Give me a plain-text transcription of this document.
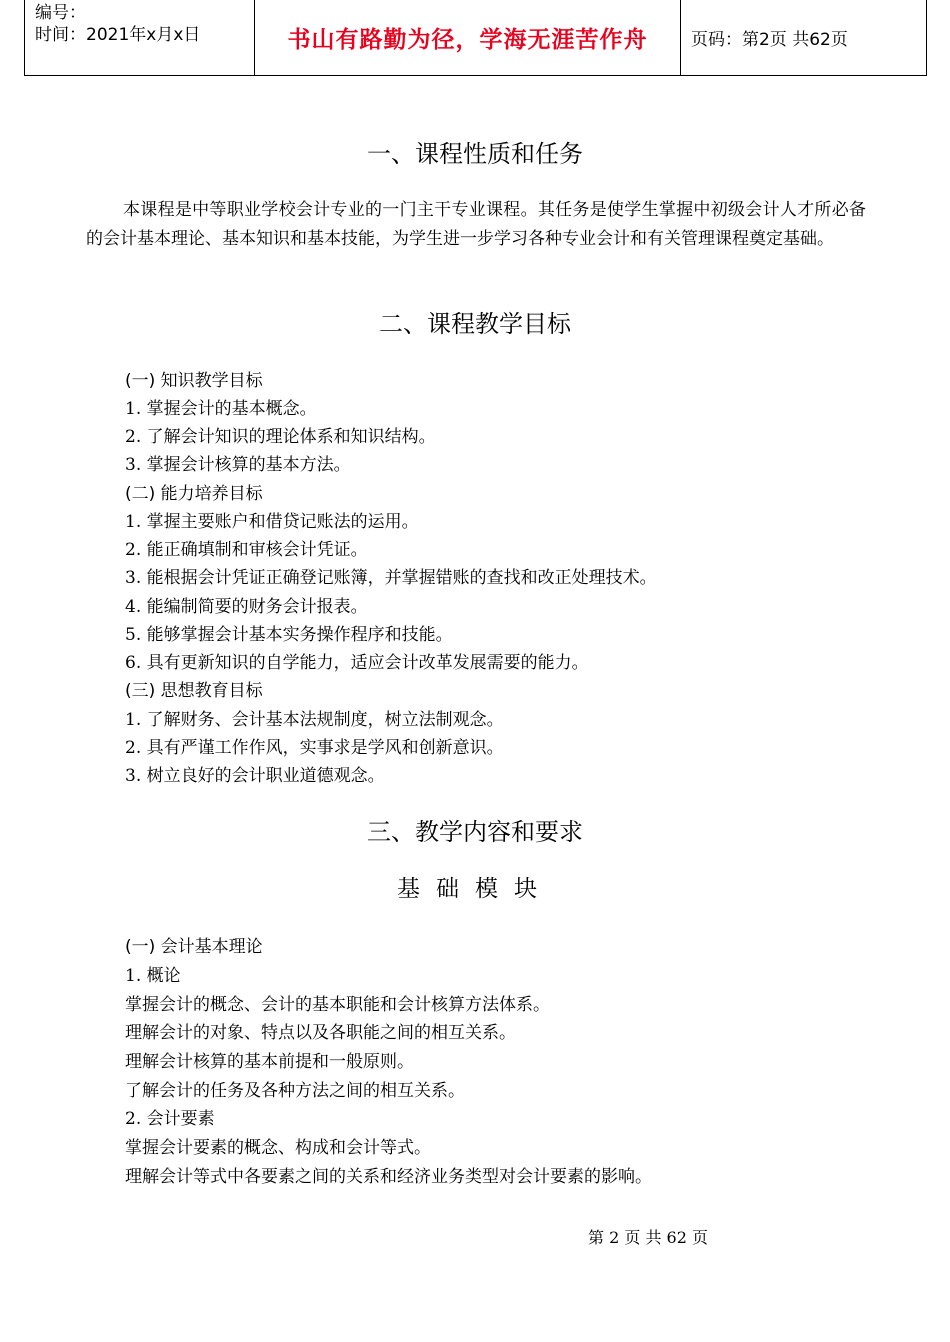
编号：
时间：2021年x月x日	书山有路勤为径，学海无涯苦作舟	页码：第2页 共62页
一、课程性质和任务
本课程是中等职业学校会计专业的一门主干专业课程。其任务是使学生掌握中初级会计人才所必备的会计基本理论、基本知识和基本技能，为学生进一步学习各种专业会计和有关管理课程奠定基础。
二、课程教学目标
(一) 知识教学目标
1. 掌握会计的基本概念。
2. 了解会计知识的理论体系和知识结构。
3. 掌握会计核算的基本方法。
(二) 能力培养目标
1. 掌握主要账户和借贷记账法的运用。
2. 能正确填制和审核会计凭证。
3. 能根据会计凭证正确登记账簿，并掌握错账的查找和改正处理技术。
4. 能编制简要的财务会计报表。
5. 能够掌握会计基本实务操作程序和技能。
6. 具有更新知识的自学能力，适应会计改革发展需要的能力。
(三) 思想教育目标
1. 了解财务、会计基本法规制度，树立法制观念。
2. 具有严谨工作作风，实事求是学风和创新意识。
3. 树立良好的会计职业道德观念。
三、教学内容和要求
基础模块
(一) 会计基本理论
1. 概论
掌握会计的概念、会计的基本职能和会计核算方法体系。
理解会计的对象、特点以及各职能之间的相互关系。
理解会计核算的基本前提和一般原则。
了解会计的任务及各种方法之间的相互关系。
2. 会计要素
掌握会计要素的概念、构成和会计等式。
理解会计等式中各要素之间的关系和经济业务类型对会计要素的影响。
第 2 页 共 62 页
